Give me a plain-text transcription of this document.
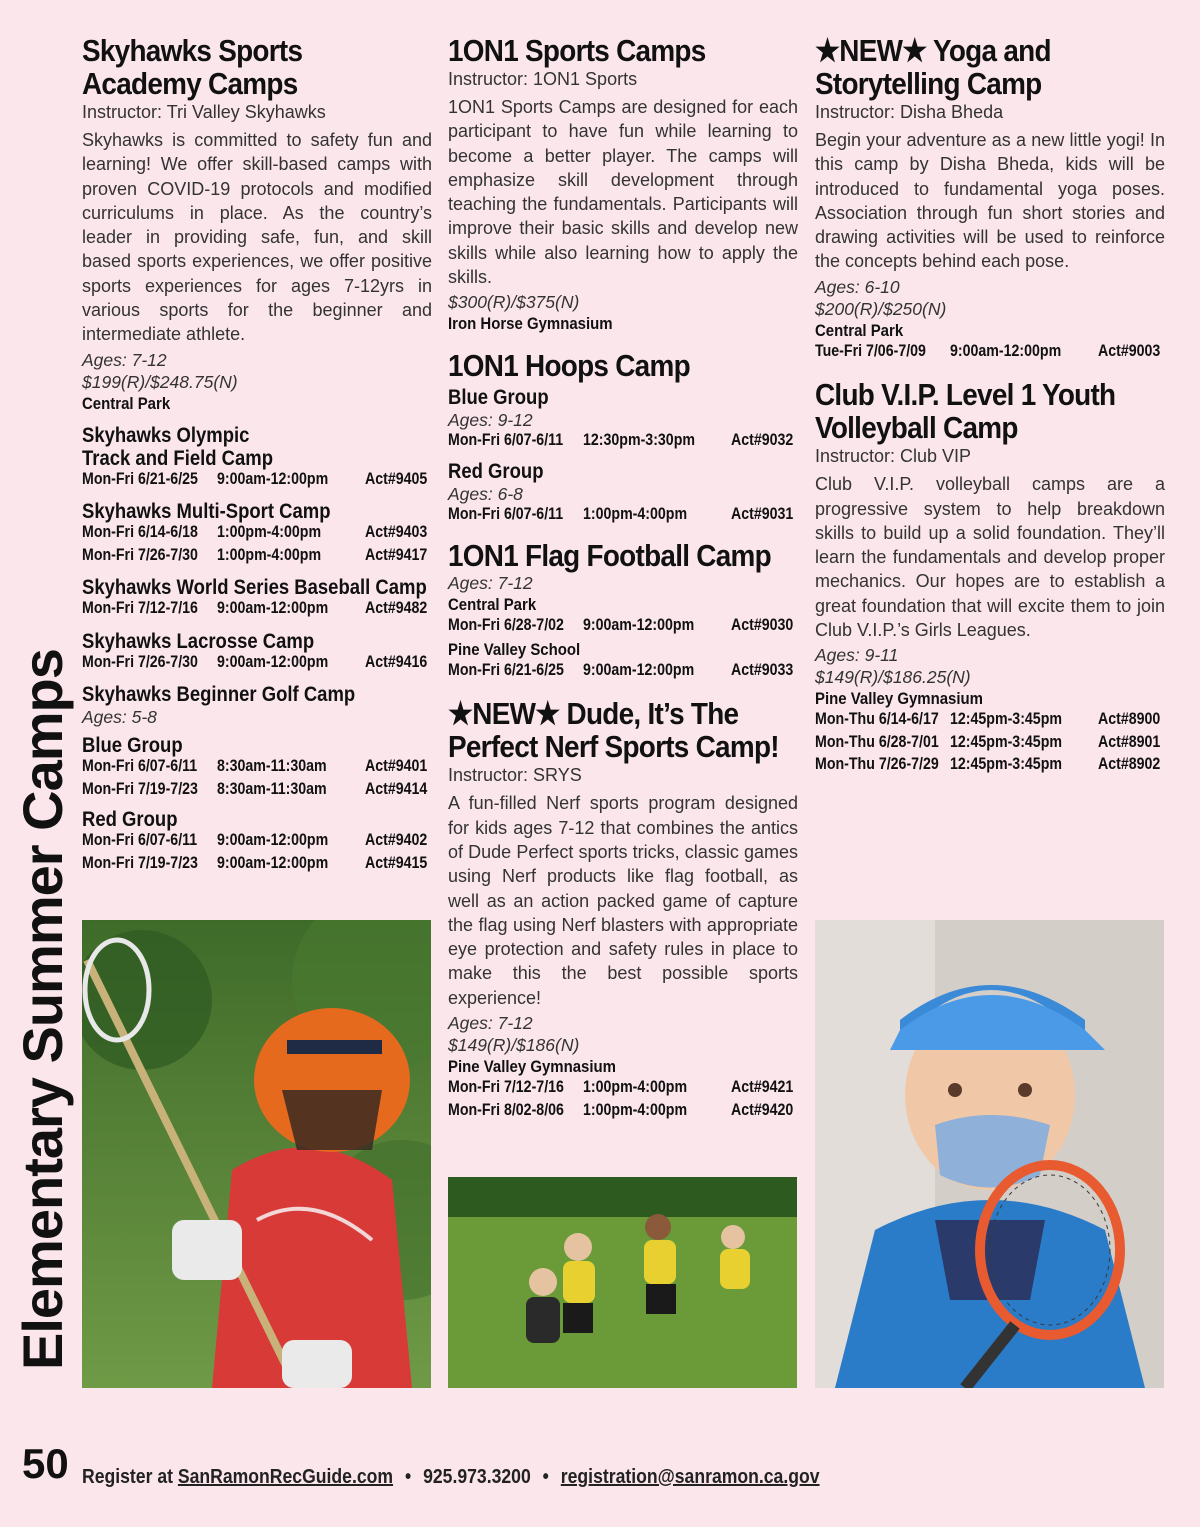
Skyhawks Sports
Academy Camps
Instructor: Tri Valley Skyhawks
Skyhawks is committed to safety fun and learning! We offer skill-based camps with proven COVID-19 protocols and modified curriculums in place. As the country’s leader in providing safe, fun, and skill based sports experiences, we offer positive sports experiences for ages 7-12yrs in various sports for the beginner and intermediate athlete.
Ages: 7-12
$199(R)/$248.75(N)
Central Park
Skyhawks Olympic
Track and Field Camp
Mon-Fri 6/21-6/25 9:00am-12:00pm Act#9405
Skyhawks Multi-Sport Camp
Mon-Fri 6/14-6/18 1:00pm-4:00pm	Act#9403
Mon-Fri 7/26-7/30 1:00pm-4:00pm	Act#9417
Skyhawks World Series Baseball Camp
Mon-Fri 7/12-7/16 9:00am-12:00pm Act#9482
Skyhawks Lacrosse Camp
Mon-Fri 7/26-7/30 9:00am-12:00pm Act#9416
Skyhawks Beginner Golf Camp
Ages: 5-8
Blue Group
Mon-Fri 6/07-6/11 8:30am-11:30am Act#9401
Mon-Fri 7/19-7/23 8:30am-11:30am Act#9414
Red Group
Mon-Fri 6/07-6/11 9:00am-12:00pm Act#9402
Mon-Fri 7/19-7/23 9:00am-12:00pm Act#9415
1ON1 Sports Camps
Instructor: 1ON1 Sports
1ON1 Sports Camps are designed for each participant to have fun while learning to become a better player. The camps will emphasize skill development through teaching the fundamentals. Participants will improve their basic skills and develop new skills while also learning how to apply the skills.
$300(R)/$375(N)
Iron Horse Gymnasium
1ON1 Hoops Camp
Blue Group
Ages: 9-12
Mon-Fri 6/07-6/11 12:30pm-3:30pm Act#9032
Red Group
Ages: 6-8
Mon-Fri 6/07-6/11 1:00pm-4:00pm	Act#9031
1ON1 Flag Football Camp
Ages: 7-12
Central Park
Mon-Fri 6/28-7/02 9:00am-12:00pm Act#9030
Pine Valley School
Mon-Fri 6/21-6/25 9:00am-12:00pm Act#9033
★NEW★ Dude, It’s The
Perfect Nerf Sports Camp!
Instructor: SRYS
A fun-filled Nerf sports program designed for kids ages 7-12 that combines the antics of Dude Perfect sports tricks, classic games using Nerf products like flag football, as well as an action packed game of capture the flag using Nerf blasters with appropriate eye protection and safety rules in place to make this the best possible sports experience!
Ages: 7-12
$149(R)/$186(N)
Pine Valley Gymnasium
Mon-Fri 7/12-7/16 1:00pm-4:00pm	Act#9421
Mon-Fri 8/02-8/06 1:00pm-4:00pm	Act#9420
★NEW★ Yoga and
Storytelling Camp
Instructor: Disha Bheda
Begin your adventure as a new little yogi! In this camp by Disha Bheda, kids will be introduced to fundamental yoga poses. Association through fun short stories and drawing activities will be used to reinforce the concepts behind each pose.
Ages: 6-10
$200(R)/$250(N)
Central Park
Tue-Fri 7/06-7/09 9:00am-12:00pm Act#9003
Club V.I.P. Level 1 Youth
Volleyball Camp
Instructor: Club VIP
Club V.I.P. volleyball camps are a progressive system to help breakdown skills to build up a solid foundation. They’ll learn the fundamentals and develop proper mechanics. Our hopes are to establish a great foundation that will excite them to join Club V.I.P.’s Girls Leagues.
Ages: 9-11
$149(R)/$186.25(N)
Pine Valley Gymnasium
Mon-Thu 6/14-6/17 12:45pm-3:45pm Act#8900
Mon-Thu 6/28-7/01 12:45pm-3:45pm Act#8901
Mon-Thu 7/26-7/29 12:45pm-3:45pm Act#8902
Elementary Summer Camps
50 Register at SanRamonRecGuide.com • 925.973.3200 • registration@sanramon.ca.gov
